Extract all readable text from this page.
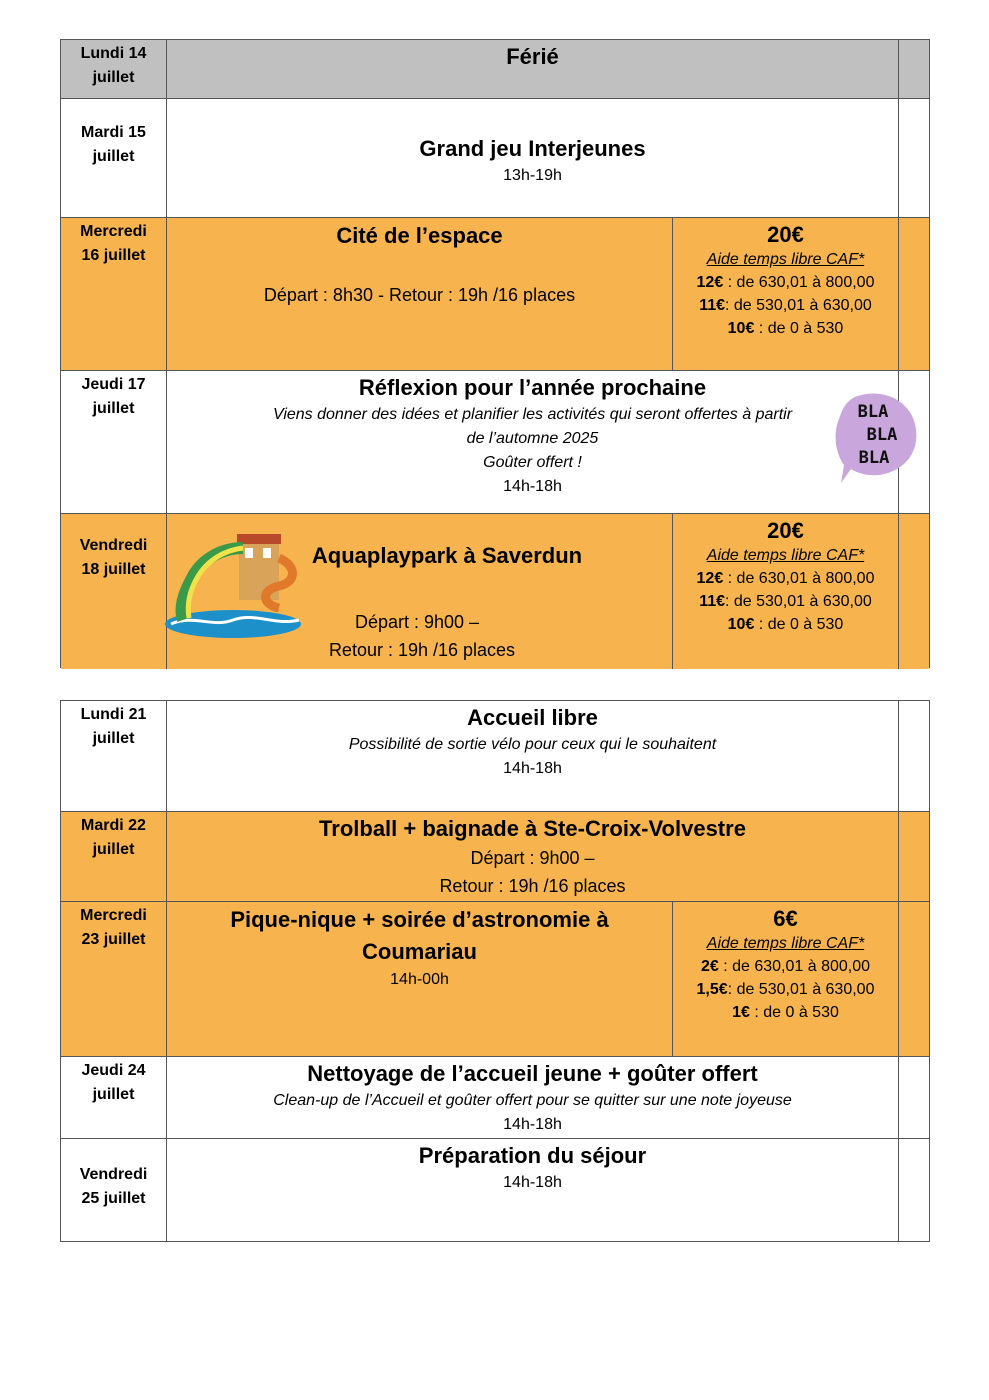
Lundi 14
juillet
Férié
Mardi 15
juillet	Grand jeu Interjeunes
13h-19h
Mercredi
16 juillet
Cité de l’espace
Départ : 8h30 - Retour : 19h /16 places
20€
Aide temps libre CAF*
12€ : de 630,01 à 800,00
11€: de 530,01 à 630,00
10€ : de 0 à 530
Jeudi 17
juillet
Réflexion pour l’année prochaine
Viens donner des idées et planifier les activités qui seront offertes à partir
de l’automne 2025
Goûter offert !
14h-18h
BLA
BLA
BLA
Vendredi
18 juillet
Aquaplaypark à Saverdun
Départ : 9h00 –
Retour : 19h /16 places
20€
Aide temps libre CAF*
12€ : de 630,01 à 800,00
11€: de 530,01 à 630,00
10€ : de 0 à 530
Lundi 21
juillet
Accueil libre
Possibilité de sortie vélo pour ceux qui le souhaitent
14h-18h
Mardi 22
juillet
Trolball + baignade à Ste-Croix-Volvestre
Départ : 9h00 –
Retour : 19h /16 places
Mercredi
23 juillet
Pique-nique + soirée d’astronomie à
Coumariau
14h-00h
6€
Aide temps libre CAF*
2€ : de 630,01 à 800,00
1,5€: de 530,01 à 630,00
1€ : de 0 à 530
Jeudi 24
juillet
Nettoyage de l’accueil jeune + goûter offert
Clean-up de l’Accueil et goûter offert pour se quitter sur une note joyeuse
14h-18h
Vendredi
25 juillet
Préparation du séjour
14h-18h
